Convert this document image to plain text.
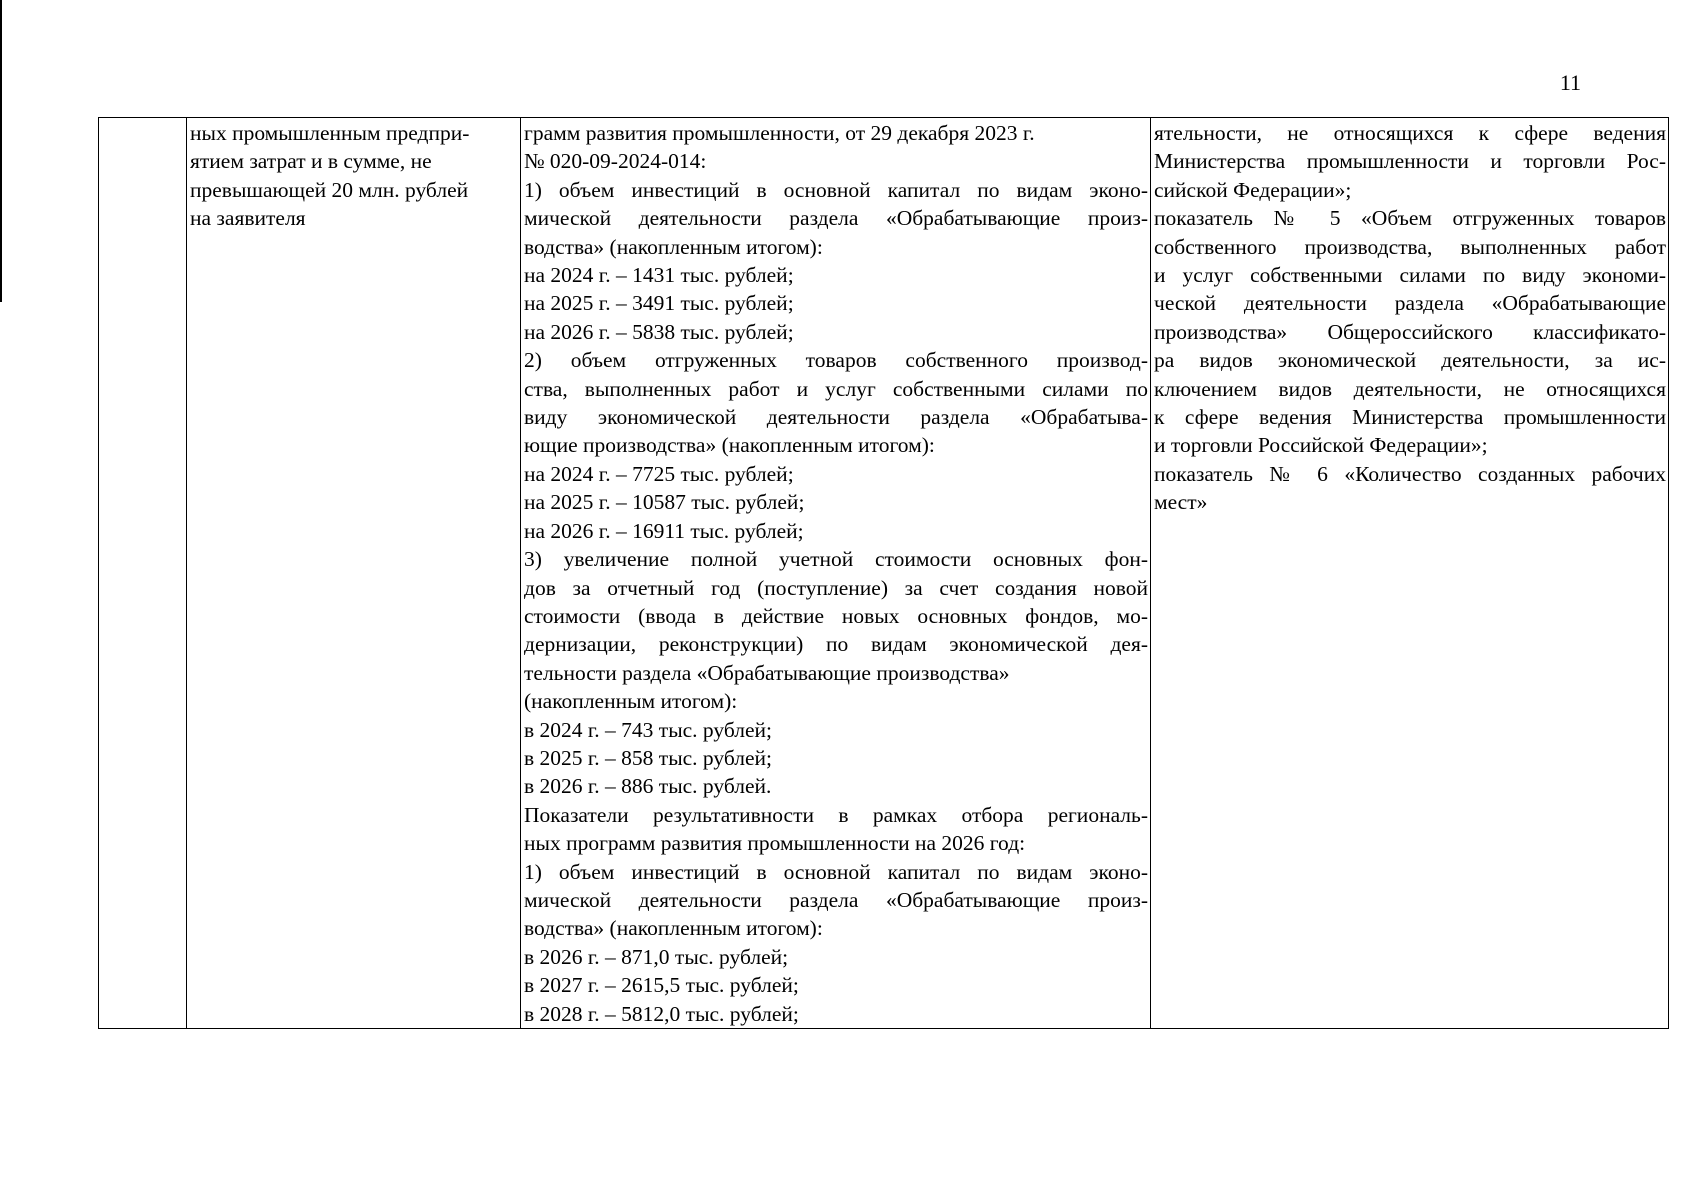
11

ных промышленным предпри-
ятием затрат и в сумме, не
превышающей 20 млн. рублей
на заявителя

грамм развития промышленности, от 29 декабря 2023 г.
№ 020-09-2024-014:
1) объем инвестиций в основной капитал по видам эконо-
мической деятельности раздела «Обрабатывающие произ-
водства» (накопленным итогом):
на 2024 г. – 1431 тыс. рублей;
на 2025 г. – 3491 тыс. рублей;
на 2026 г. – 5838 тыс. рублей;
2) объем отгруженных товаров собственного производ-
ства, выполненных работ и услуг собственными силами по
виду экономической деятельности раздела «Обрабатыва-
ющие производства» (накопленным итогом):
на 2024 г. – 7725 тыс. рублей;
на 2025 г. – 10587 тыс. рублей;
на 2026 г. – 16911 тыс. рублей;
3) увеличение полной учетной стоимости основных фон-
дов за отчетный год (поступление) за счет создания новой
стоимости (ввода в действие новых основных фондов, мо-
дернизации, реконструкции) по видам экономической дея-
тельности раздела «Обрабатывающие производства»
(накопленным итогом):
в 2024 г. – 743 тыс. рублей;
в 2025 г. – 858 тыс. рублей;
в 2026 г. – 886 тыс. рублей.
Показатели результативности в рамках отбора региональ-
ных программ развития промышленности на 2026 год:
1) объем инвестиций в основной капитал по видам эконо-
мической деятельности раздела «Обрабатывающие произ-
водства» (накопленным итогом):
в 2026 г. – 871,0 тыс. рублей;
в 2027 г. – 2615,5 тыс. рублей;
в 2028 г. – 5812,0 тыс. рублей;

ятельности, не относящихся к сфере ведения
Министерства промышленности и торговли Рос-
сийской Федерации»;
показатель № 5 «Объем отгруженных товаров
собственного производства, выполненных работ
и услуг собственными силами по виду экономи-
ческой деятельности раздела «Обрабатывающие
производства» Общероссийского классификато-
ра видов экономической деятельности, за ис-
ключением видов деятельности, не относящихся
к сфере ведения Министерства промышленности
и торговли Российской Федерации»;
показатель № 6 «Количество созданных рабочих
мест»
